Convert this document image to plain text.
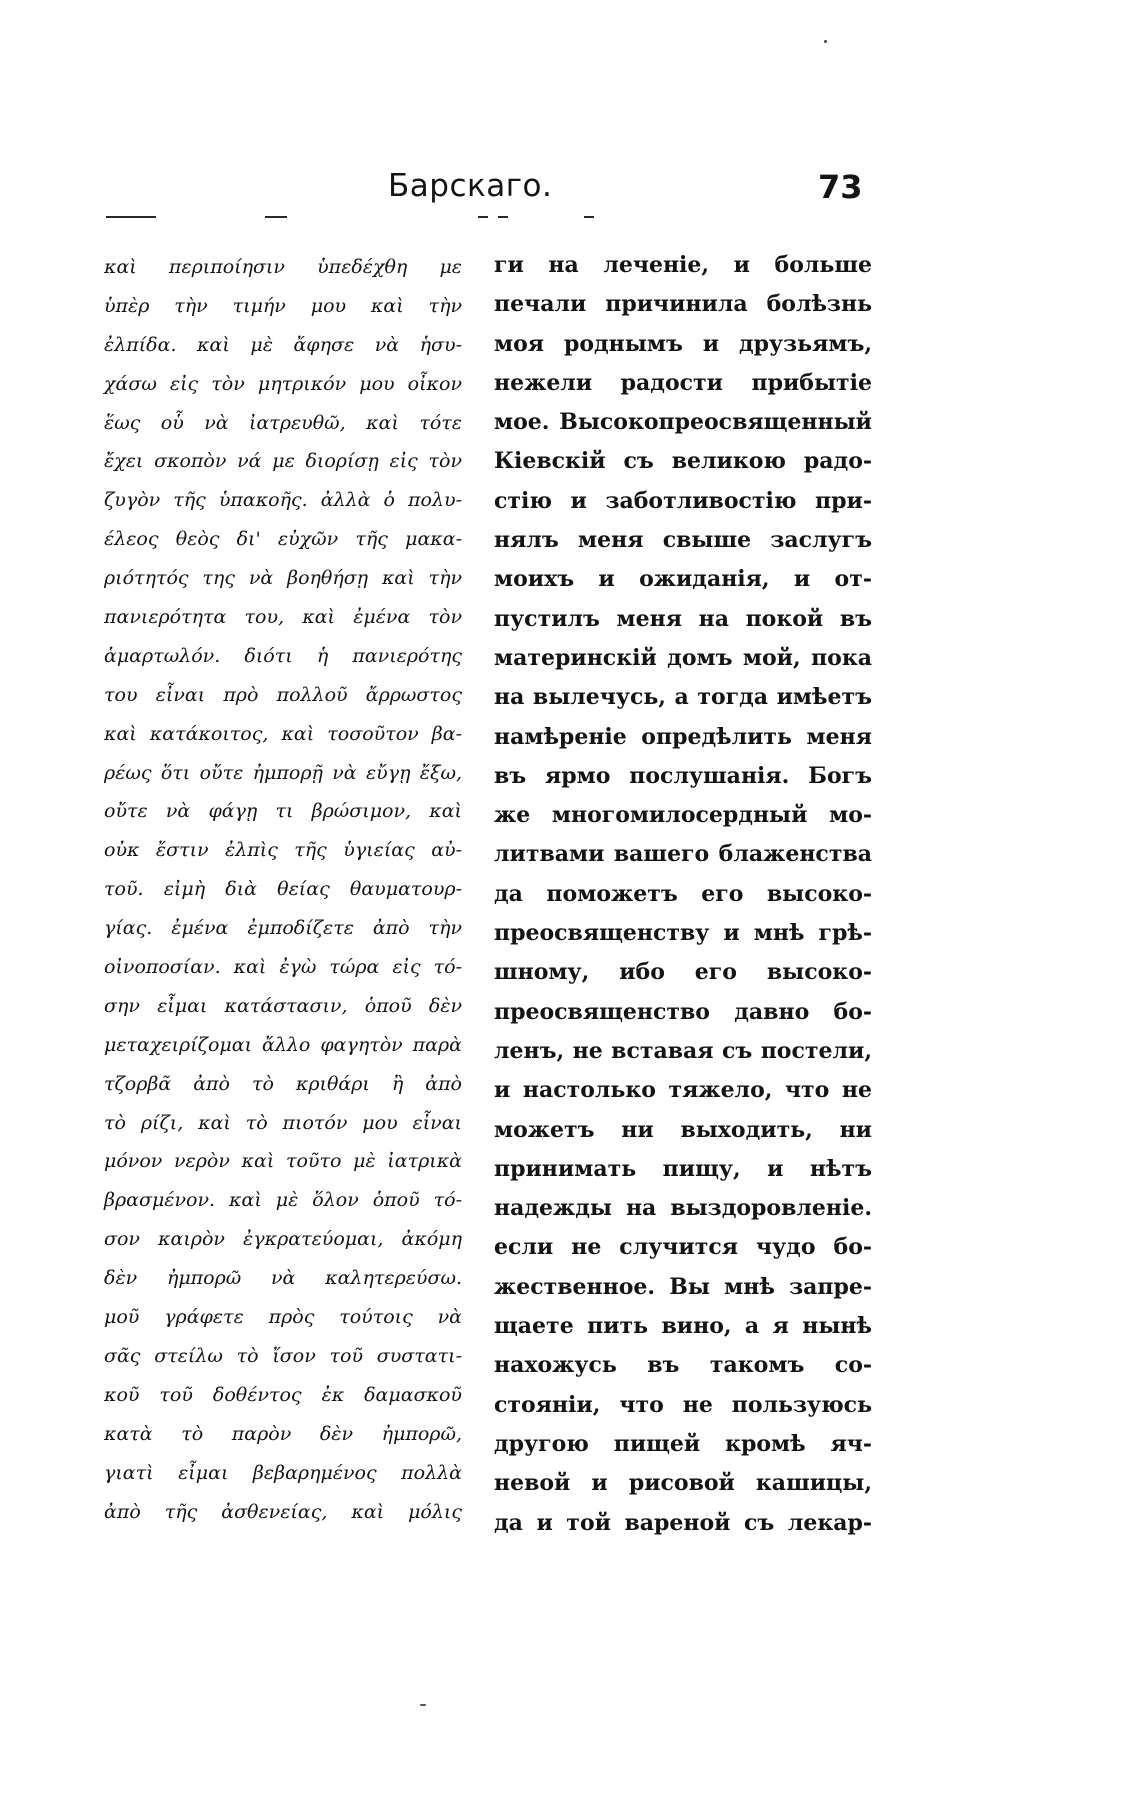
Барскаго.	73
καὶ περιποίησιν ὑπεδέχθη με
ὑπὲρ τὴν τιμήν μου καὶ τὴν
ἐλπίδα. καὶ μὲ ἄφησε νὰ ἡσυ-
χάσω εἰς τὸν μητρικόν μου οἶκον
ἕως οὗ νὰ ἰατρευθῶ, καὶ τότε
ἔχει σκοπὸν νά με διορίσῃ εἰς τὸν
ζυγὸν τῆς ὑπακοῆς. ἀλλὰ ὁ πολυ-
έλεος θεὸς δι' εὐχῶν τῆς μακα-
ριότητός της νὰ βοηθήσῃ καὶ τὴν
πανιερότητα του, καὶ ἐμένα τὸν
ἁμαρτωλόν. διότι ἡ πανιερότης
του εἶναι πρὸ πολλοῦ ἄρρωστος
καὶ κατάκοιτος, καὶ τοσοῦτον βα-
ρέως ὅτι οὔτε ἠμπορῇ νὰ εὔγῃ ἔξω,
οὔτε νὰ φάγῃ τι βρώσιμον, καὶ
οὐκ ἔστιν ἐλπὶς τῆς ὑγιείας αὐ-
τοῦ. εἰμὴ διὰ θείας θαυματουρ-
γίας. ἐμένα ἐμποδίζετε ἀπὸ τὴν
οἰνοποσίαν. καὶ ἐγὼ τώρα εἰς τό-
σην εἶμαι κατάστασιν, ὁποῦ δὲν
μεταχειρίζομαι ἄλλο φαγητὸν παρὰ
τζορβᾶ ἀπὸ τὸ κριθάρι ἢ ἀπὸ
τὸ ρίζι, καὶ τὸ πιοτόν μου εἶναι
μόνον νερὸν καὶ τοῦτο μὲ ἰατρικὰ
βρασμένον. καὶ μὲ ὅλον ὁποῦ τό-
σον καιρὸν ἐγκρατεύομαι, ἀκόμη
δὲν ἠμπορῶ νὰ καλητερεύσω.
μοῦ γράφετε πρὸς τούτοις νὰ
σᾶς στείλω τὸ ἴσον τοῦ συστατι-
κοῦ τοῦ δοθέντος ἐκ δαμασκοῦ
κατὰ τὸ παρὸν δὲν ἠμπορῶ,
γιατὶ εἶμαι βεβαρημένος πολλὰ
ἀπὸ τῆς ἀσθενείας, καὶ μόλις
ги на леченіе, и больше
печали причинила болѣзнь
моя роднымъ и друзьямъ,
нежели радости прибытіе
мое. Высокопреосвященный
Кіевскій съ великою радо-
стію и заботливостію при-
нялъ меня свыше заслугъ
моихъ и ожиданія, и от-
пустилъ меня на покой въ
материнскій домъ мой, пока
на вылечусь, а тогда имѣетъ
намѣреніе опредѣлить меня
въ ярмо послушанія. Богъ
же многомилосердный мо-
литвами вашего блаженства
да поможетъ его высоко-
преосвященству и мнѣ грѣ-
шному, ибо его высоко-
преосвященство давно бо-
ленъ, не вставая съ постели,
и настолько тяжело, что не
можетъ ни выходить, ни
принимать пищу, и нѣтъ
надежды на выздоровленіе.
если не случится чудо бо-
жественное. Вы мнѣ запре-
щаете пить вино, а я нынѣ
нахожусь въ такомъ со-
стояніи, что не пользуюсь
другою пищей кромѣ яч-
невой и рисовой кашицы,
да и той вареной съ лекар-
